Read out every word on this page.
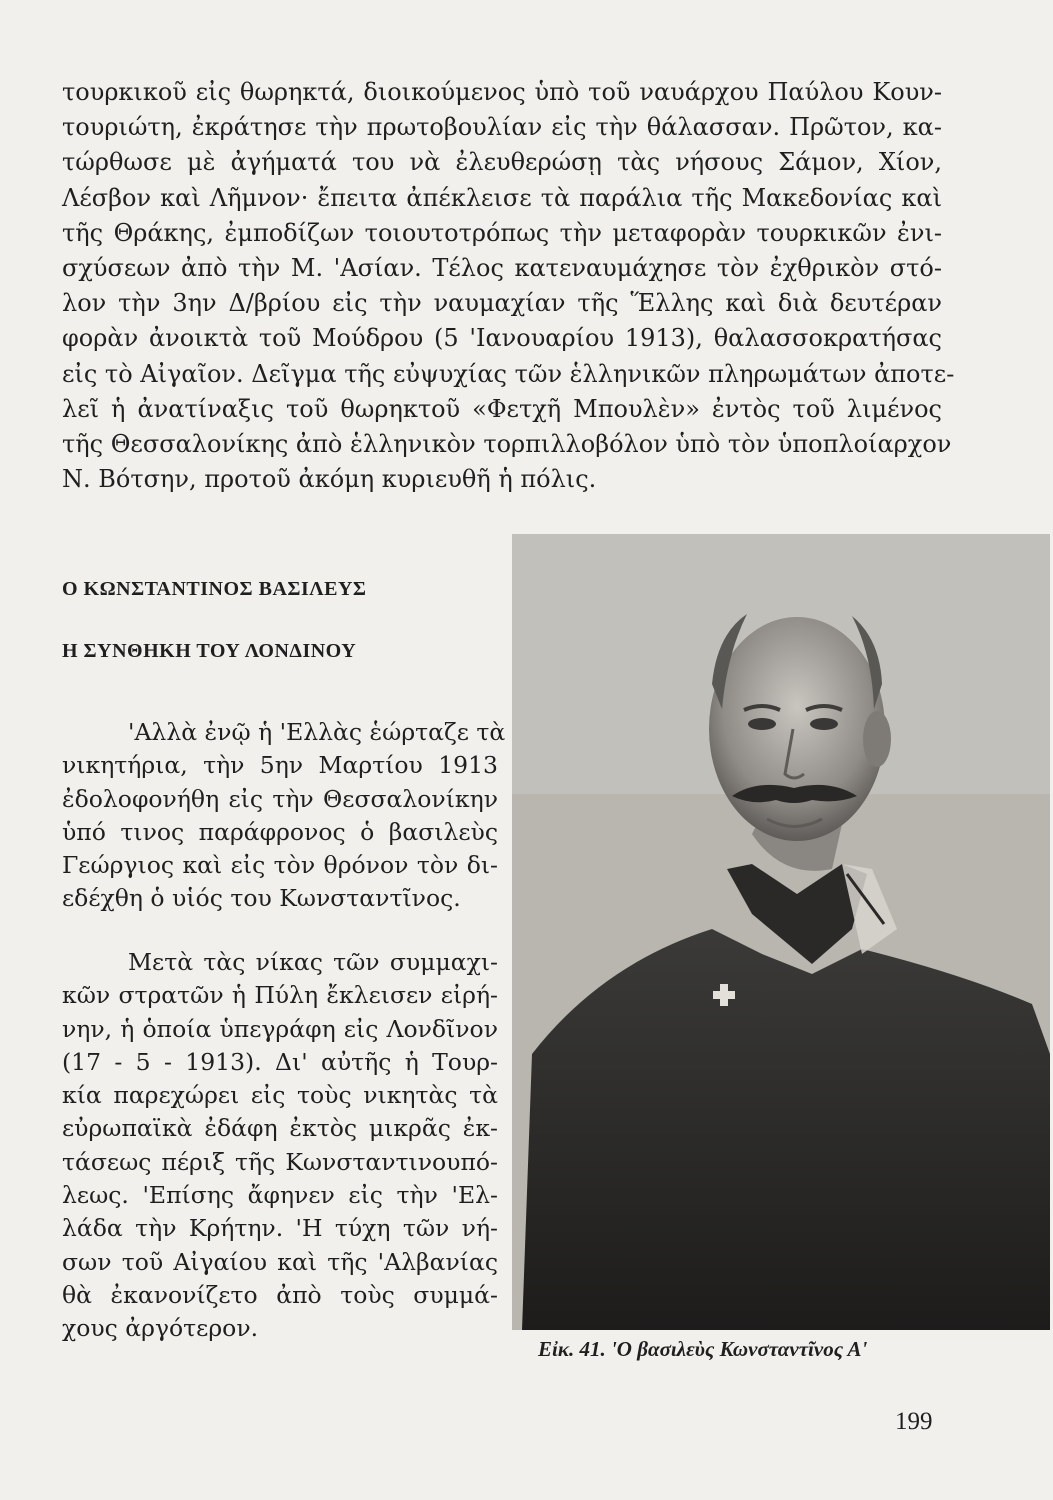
τουρκικοῦ εἰς θωρηκτά, διοικούμενος ὑπὸ τοῦ ναυάρχου Παύλου Κουν-
τουριώτη, ἐκράτησε τὴν πρωτοβουλίαν εἰς τὴν θάλασσαν. Πρῶτον, κα-
τώρθωσε μὲ ἀγήματά του νὰ ἐλευθερώσῃ τὰς νήσους Σάμον, Χίον,
Λέσβον καὶ Λῆμνον· ἔπειτα ἀπέκλεισε τὰ παράλια τῆς Μακεδονίας καὶ
τῆς Θράκης, ἐμποδίζων τοιουτοτρόπως τὴν μεταφορὰν τουρκικῶν ἐνι-
σχύσεων ἀπὸ τὴν Μ. 'Ασίαν. Τέλος κατεναυμάχησε τὸν ἐχθρικὸν στό-
λον τὴν 3ην Δ/βρίου εἰς τὴν ναυμαχίαν τῆς Ἕλλης καὶ διὰ δευτέραν
φορὰν ἀνοικτὰ τοῦ Μούδρου (5 'Ιανουαρίου 1913), θαλασσοκρατήσας
εἰς τὸ Αἰγαῖον. Δεῖγμα τῆς εὐψυχίας τῶν ἑλληνικῶν πληρωμάτων ἀποτε-
λεῖ ἡ ἀνατίναξις τοῦ θωρηκτοῦ «Φετχῆ Μπουλὲν» ἐντὸς τοῦ λιμένος
τῆς Θεσσαλονίκης ἀπὸ ἑλληνικὸν τορπιλλοβόλον ὑπὸ τὸν ὑποπλοίαρχον
Ν. Βότσην, προτοῦ ἀκόμη κυριευθῆ ἡ πόλις.
Ο ΚΩΝΣΤΑΝΤΙΝΟΣ ΒΑΣΙΛΕΥΣ
Η ΣΥΝΘΗΚΗ ΤΟΥ ΛΟΝΔΙΝΟΥ
'Αλλὰ ἐνῷ ἡ 'Ελλὰς ἑώρταζε τὰ
νικητήρια, τὴν 5ην Μαρτίου 1913
ἐδολοφονήθη εἰς τὴν Θεσσαλονίκην
ὑπό τινος παράφρονος ὁ βασιλεὺς
Γεώργιος καὶ εἰς τὸν θρόνον τὸν δι-
εδέχθη ὁ υἱός του Κωνσταντῖνος.
Μετὰ τὰς νίκας τῶν συμμαχι-
κῶν στρατῶν ἡ Πύλη ἔκλεισεν εἰρή-
νην, ἡ ὁποία ὑπεγράφη εἰς Λονδῖνον
(17 - 5 - 1913). Δι' αὐτῆς ἡ Τουρ-
κία παρεχώρει εἰς τοὺς νικητὰς τὰ
εὐρωπαϊκὰ ἐδάφη ἐκτὸς μικρᾶς ἐκ-
τάσεως πέριξ τῆς Κωνσταντινουπό-
λεως. 'Επίσης ἄφηνεν εἰς τὴν 'Ελ-
λάδα τὴν Κρήτην. 'Η τύχη τῶν νή-
σων τοῦ Αἰγαίου καὶ τῆς 'Αλβανίας
θὰ ἐκανονίζετο ἀπὸ τοὺς συμμά-
χους ἀργότερον.
Εἰκ. 41. 'Ο βασιλεὺς Κωνσταντῖνος Α'
199
